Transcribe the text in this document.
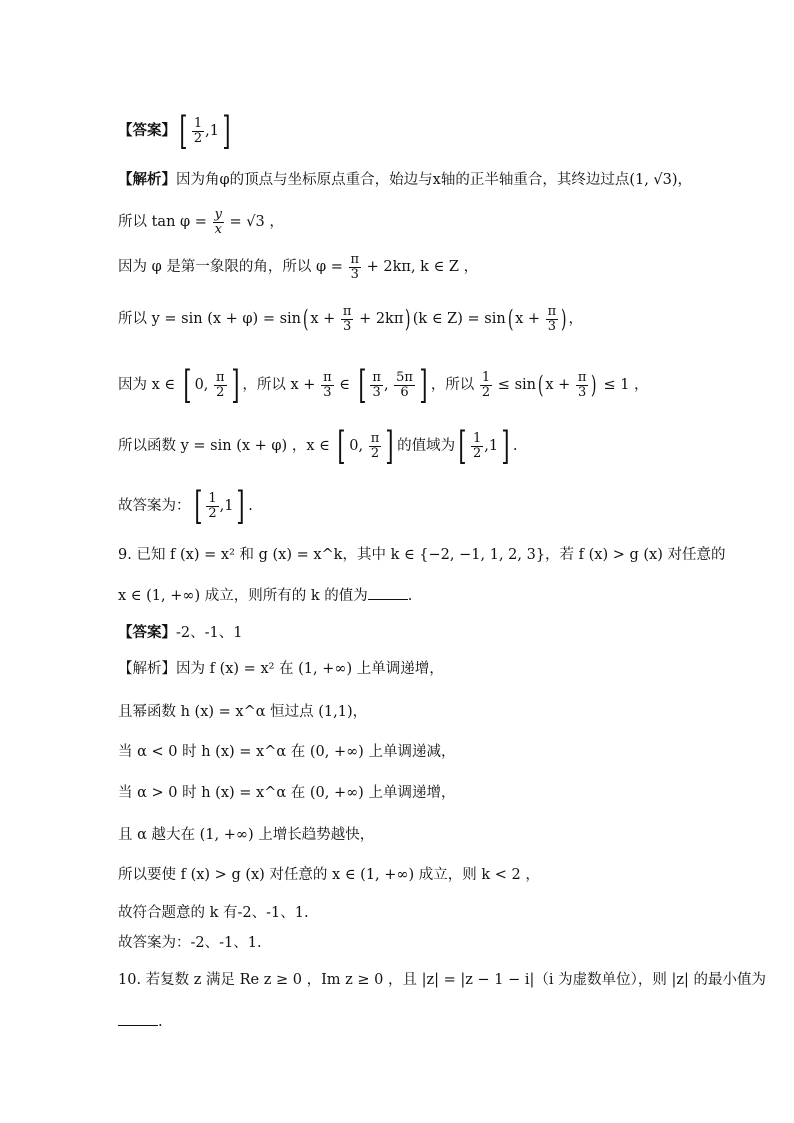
【答案】[ $\frac{1}{2} ,1$]
【解析】因为角φ的顶点与坐标原点重合，始边与x轴的正半轴重合，其终边过点(1, √3)，
所以 $\tan \varphi = \frac{y}{x} = √3$ ，
因为 φ 是第一象限的角，所以 $\varphi = \frac{\pi}{3} + 2k\pi$, k ∈ Z ，
所以 y = sin (x + φ) = sin( $x + \frac{\pi}{3} + 2k\pi$) (k ∈ Z) = sin( $x + \frac{\pi}{3}$ ) ，
因为 x ∈ [ 0, $\frac{\pi}{2}$ ] ，所以 $x + \frac{\pi}{3}$ ∈ [ $\frac{\pi}{3}$ , $\frac{5\pi}{6}$ ] ，所以 $\frac{1}{2} \le \sin$( $x + \frac{\pi}{3}$ ) ≤ 1 ，
所以函数 y = sin (x + φ) ，x ∈ [ 0, $\frac{\pi}{2}$ ] 的值域为[ $\frac{1}{2} ,1$] .
故答案为：[ $\frac{1}{2} ,1$] .
9. 已知 f (x) = x² 和 g (x) = x^k，其中 k ∈ {−2, −1, 1, 2, 3}，若 f (x) > g (x) 对任意的
x ∈ (1, +∞) 成立，则所有的 k 的值为	.
【答案】-2、-1、1
【解析】因为 f (x) = x² 在 (1, +∞) 上单调递增，
且幂函数 h (x) = x^α 恒过点 (1,1)，
当 α < 0 时 h (x) = x^α 在 (0, +∞) 上单调递减，
当 α > 0 时 h (x) = x^α 在 (0, +∞) 上单调递增，
且 α 越大在 (1, +∞) 上增长趋势越快，
所以要使 f (x) > g (x) 对任意的 x ∈ (1, +∞) 成立，则 k < 2 ，
故符合题意的 k 有-2、-1、1.
故答案为：-2、-1、1.
10. 若复数 z 满足 Re z ≥ 0 ，Im z ≥ 0 ，且 |z| = |z − 1 − i|（i 为虚数单位），则 |z| 的最小值为
.
